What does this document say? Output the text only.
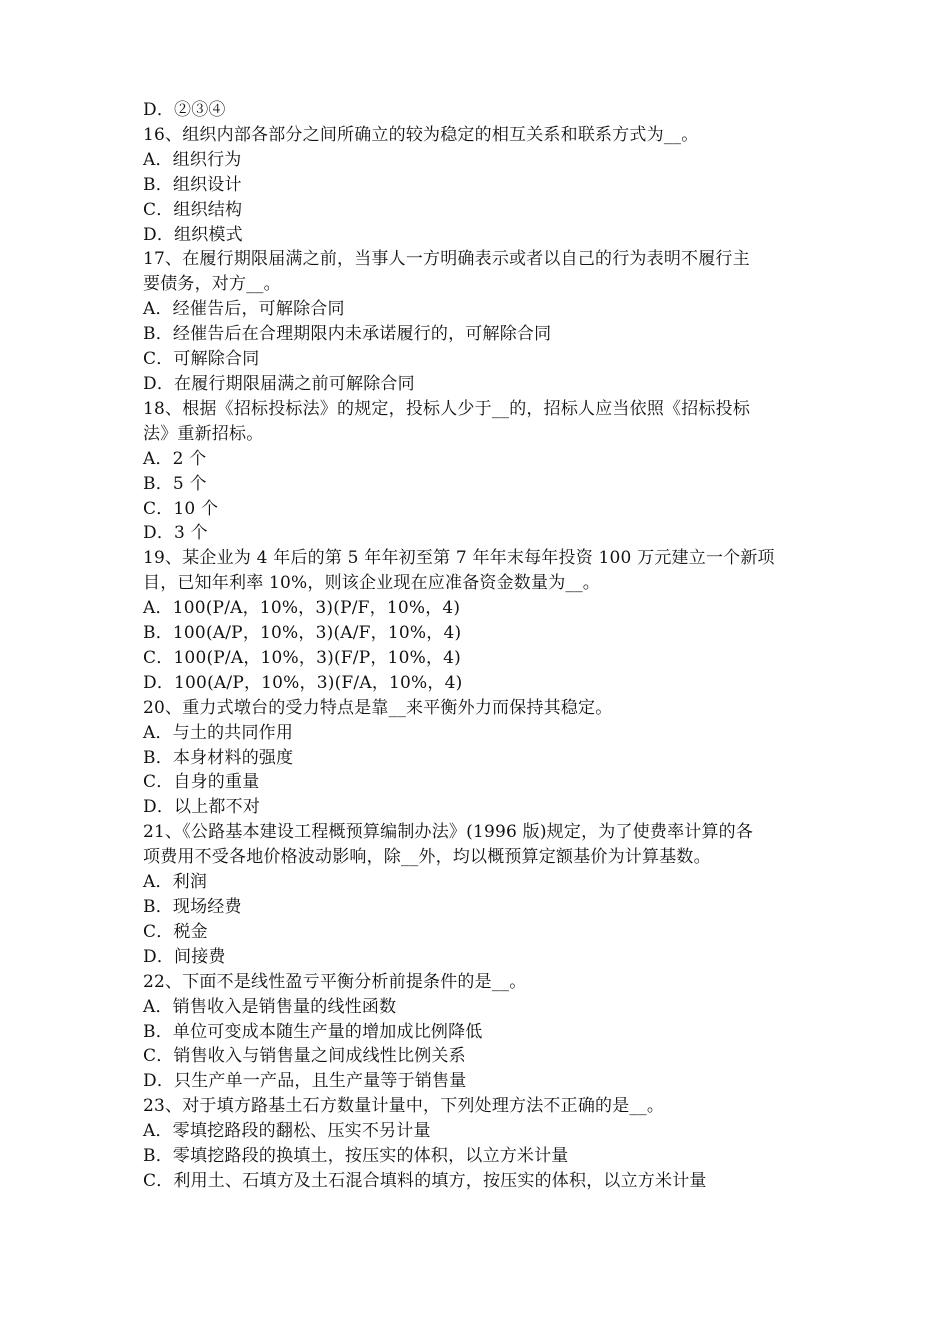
D．②③④
16、组织内部各部分之间所确立的较为稳定的相互关系和联系方式为__。
A．组织行为
B．组织设计
C．组织结构
D．组织模式
17、在履行期限届满之前，当事人一方明确表示或者以自己的行为表明不履行主
要债务，对方__。
A．经催告后，可解除合同
B．经催告后在合理期限内未承诺履行的，可解除合同
C．可解除合同
D．在履行期限届满之前可解除合同
18、根据《招标投标法》的规定，投标人少于__的，招标人应当依照《招标投标
法》重新招标。
A．2 个
B．5 个
C．10 个
D．3 个
19、某企业为 4 年后的第 5 年年初至第 7 年年末每年投资 100 万元建立一个新项
目，已知年利率 10%，则该企业现在应准备资金数量为__。
A．100(P/A，10%，3)(P/F，10%，4)
B．100(A/P，10%，3)(A/F，10%，4)
C．100(P/A，10%，3)(F/P，10%，4)
D．100(A/P，10%，3)(F/A，10%，4)
20、重力式墩台的受力特点是靠__来平衡外力而保持其稳定。
A．与土的共同作用
B．本身材料的强度
C．自身的重量
D．以上都不对
21、《公路基本建设工程概预算编制办法》(1996 版)规定，为了使费率计算的各
项费用不受各地价格波动影响，除__外，均以概预算定额基价为计算基数。
A．利润
B．现场经费
C．税金
D．间接费
22、下面不是线性盈亏平衡分析前提条件的是__。
A．销售收入是销售量的线性函数
B．单位可变成本随生产量的增加成比例降低
C．销售收入与销售量之间成线性比例关系
D．只生产单一产品，且生产量等于销售量
23、对于填方路基土石方数量计量中，下列处理方法不正确的是__。
A．零填挖路段的翻松、压实不另计量
B．零填挖路段的换填土，按压实的体积，以立方米计量
C．利用土、石填方及土石混合填料的填方，按压实的体积，以立方米计量
